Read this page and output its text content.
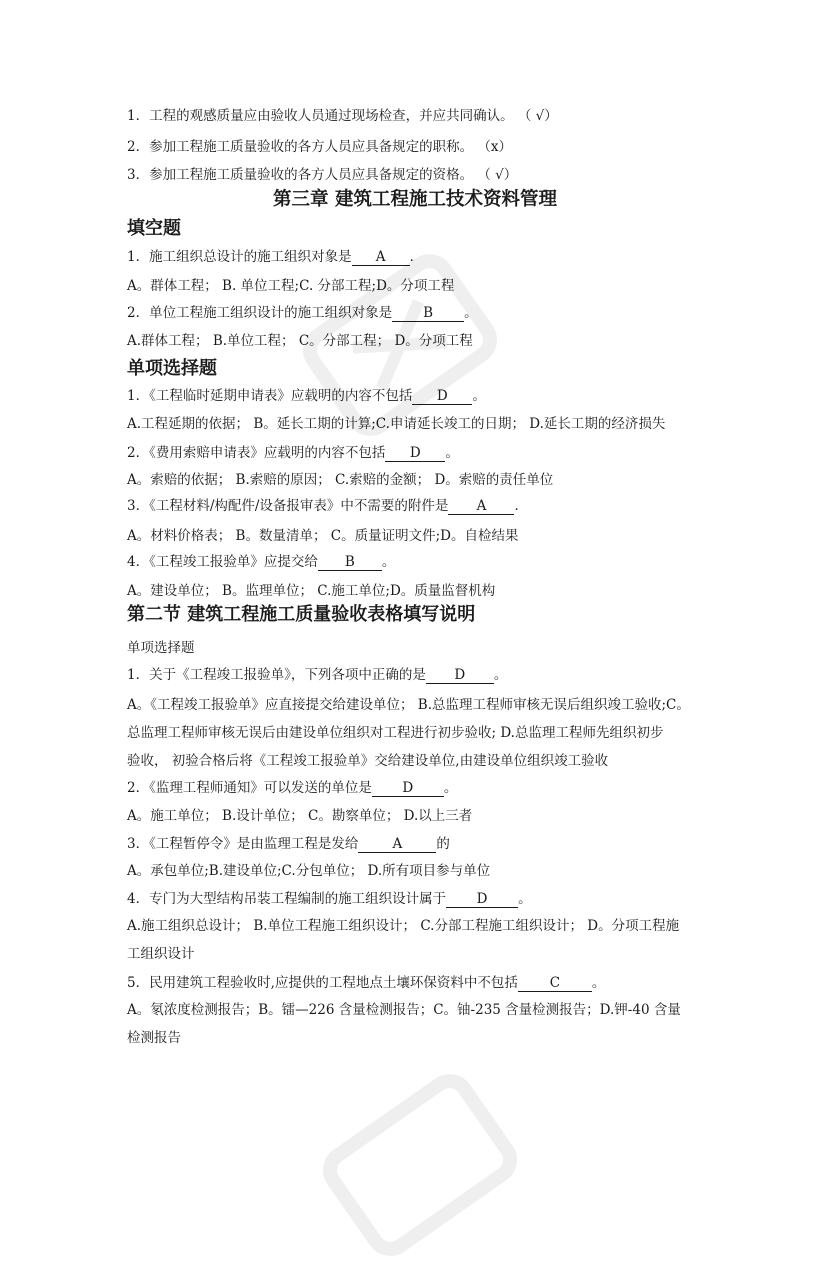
1．工程的观感质量应由验收人员通过现场检查，并应共同确认。 （ √）
2．参加工程施工质量验收的各方人员应具备规定的职称。 （x）
3．参加工程施工质量验收的各方人员应具备规定的资格。 （ √）
第三章 建筑工程施工技术资料管理
填空题
1．施工组织总设计的施工组织对象是 A ．
A。群体工程； B. 单位工程;C. 分部工程;D。分项工程
2．单位工程施工组织设计的施工组织对象是 B 。
A.群体工程； B.单位工程； C。分部工程； D。分项工程
单项选择题
1．《工程临时延期申请表》应载明的内容不包括 D 。
A.工程延期的依据； B。延长工期的计算;C.申请延长竣工的日期； D.延长工期的经济损失
2．《费用索赔申请表》应载明的内容不包括 D 。
A。索赔的依据； B.索赔的原因； C.索赔的金额； D。索赔的责任单位
3．《工程材料/构配件/设备报审表》中不需要的附件是 A ．
A。材料价格表； B。数量清单； C。质量证明文件;D。自检结果
4．《工程竣工报验单》应提交给 B 。
A。建设单位； B。监理单位； C.施工单位;D。质量监督机构
第二节 建筑工程施工质量验收表格填写说明
单项选择题
1．关于《工程竣工报验单》，下列各项中正确的是 D 。
A。《工程竣工报验单》应直接提交给建设单位； B.总监理工程师审核无误后组织竣工验收;C。
总监理工程师审核无误后由建设单位组织对工程进行初步验收; D.总监理工程师先组织初步
验收， 初验合格后将《工程竣工报验单》交给建设单位,由建设单位组织竣工验收
2．《监理工程师通知》可以发送的单位是 D 。
A。施工单位； B.设计单位； C。勘察单位； D.以上三者
3．《工程暂停令》是由监理工程是发给	A	的
A。承包单位;B.建设单位;C.分包单位； D.所有项目参与单位
4．专门为大型结构吊装工程编制的施工组织设计属于 D 。
A.施工组织总设计； B.单位工程施工组织设计； C.分部工程施工组织设计； D。分项工程施
工组织设计
5．民用建筑工程验收时,应提供的工程地点土壤环保资料中不包括 C 。
A。氡浓度检测报告；B。镭—226 含量检测报告；C。铀-235 含量检测报告；D.钾-40 含量
检测报告
